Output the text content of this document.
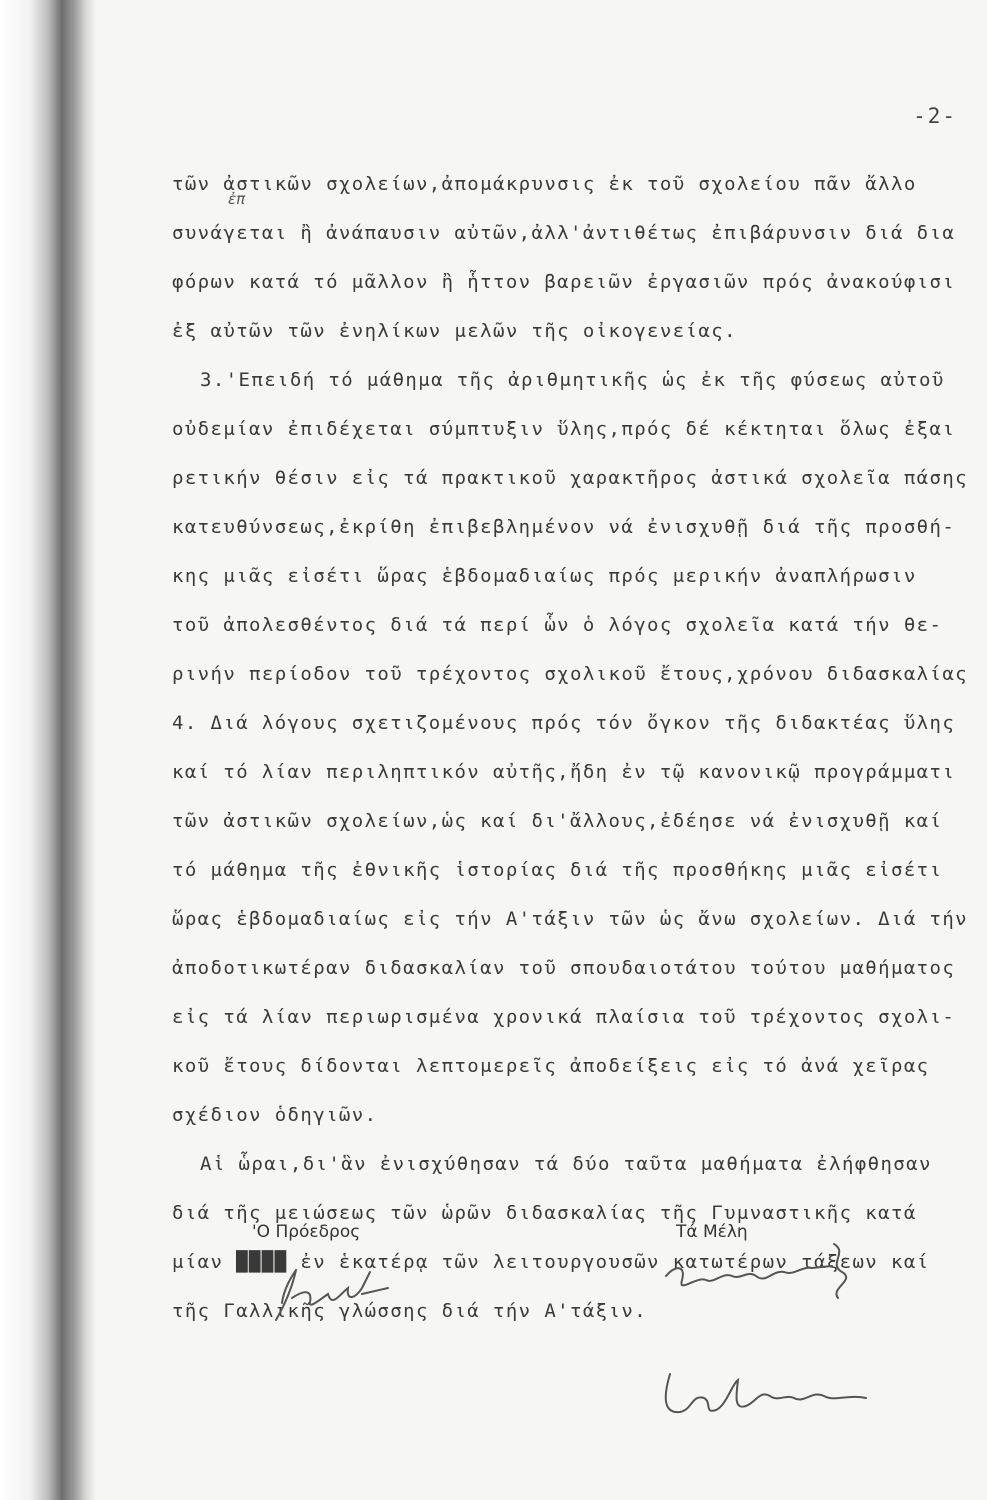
-2-
ἐπ
τῶν ἀστικῶν σχολείων,ἀπομάκρυνσις ἐκ τοῦ σχολείου πᾶν ἄλλο
συνάγεται ἢ ἀνάπαυσιν αὐτῶν,ἀλλ'ἀντιθέτως ἐπιβάρυνσιν διά δια
φόρων κατά τό μᾶλλον ἢ ἧττον βαρειῶν ἐργασιῶν πρός ἀνακούφισι
ἐξ αὐτῶν τῶν ἐνηλίκων μελῶν τῆς οἰκογενείας.
3.'Επειδή τό μάθημα τῆς ἀριθμητικῆς ὡς ἐκ τῆς φύσεως αὐτοῦ
οὐδεμίαν ἐπιδέχεται σύμπτυξιν ὕλης,πρός δέ κέκτηται ὅλως ἐξαι
ρετικήν θέσιν εἰς τά πρακτικοῦ χαρακτῆρος ἀστικά σχολεῖα πάσης
κατευθύνσεως,ἐκρίθη ἐπιβεβλημένον νά ἐνισχυθῇ διά τῆς προσθή-
κης μιᾶς εἰσέτι ὥρας ἑβδομαδιαίως πρός μερικήν ἀναπλήρωσιν
τοῦ ἀπολεσθέντος διά τά περί ὧν ὁ λόγος σχολεῖα κατά τήν θε-
ρινήν περίοδον τοῦ τρέχοντος σχολικοῦ ἔτους,χρόνου διδασκαλίας
4. Διά λόγους σχετιζομένους πρός τόν ὄγκον τῆς διδακτέας ὕλης
καί τό λίαν περιληπτικόν αὐτῆς,ἤδη ἐν τῷ κανονικῷ προγράμματι
τῶν ἀστικῶν σχολείων,ὡς καί δι'ἄλλους,ἐδέησε νά ἐνισχυθῇ καί
τό μάθημα τῆς ἐθνικῆς ἱστορίας διά τῆς προσθήκης μιᾶς εἰσέτι
ὥρας ἑβδομαδιαίως εἰς τήν Α'τάξιν τῶν ὡς ἄνω σχολείων. Διά τήν
ἀποδοτικωτέραν διδασκαλίαν τοῦ σπουδαιοτάτου τούτου μαθήματος
εἰς τά λίαν περιωρισμένα χρονικά πλαίσια τοῦ τρέχοντος σχολι-
κοῦ ἔτους δίδονται λεπτομερεῖς ἀποδείξεις εἰς τό ἀνά χεῖρας
σχέδιον ὁδηγιῶν.
Αἱ ὧραι,δι'ἃν ἐνισχύθησαν τά δύο ταῦτα μαθήματα ἐλήφθησαν
διά τῆς μειώσεως τῶν ὡρῶν διδασκαλίας τῆς Γυμναστικῆς κατά
μίαν ████ ἐν ἑκατέρᾳ τῶν λειτουργουσῶν κατωτέρων τάξεων καί
τῆς Γαλλικῆς γλώσσης διά τήν Α'τάξιν.
'Ο Πρόεδρος	Τά Μέλη
